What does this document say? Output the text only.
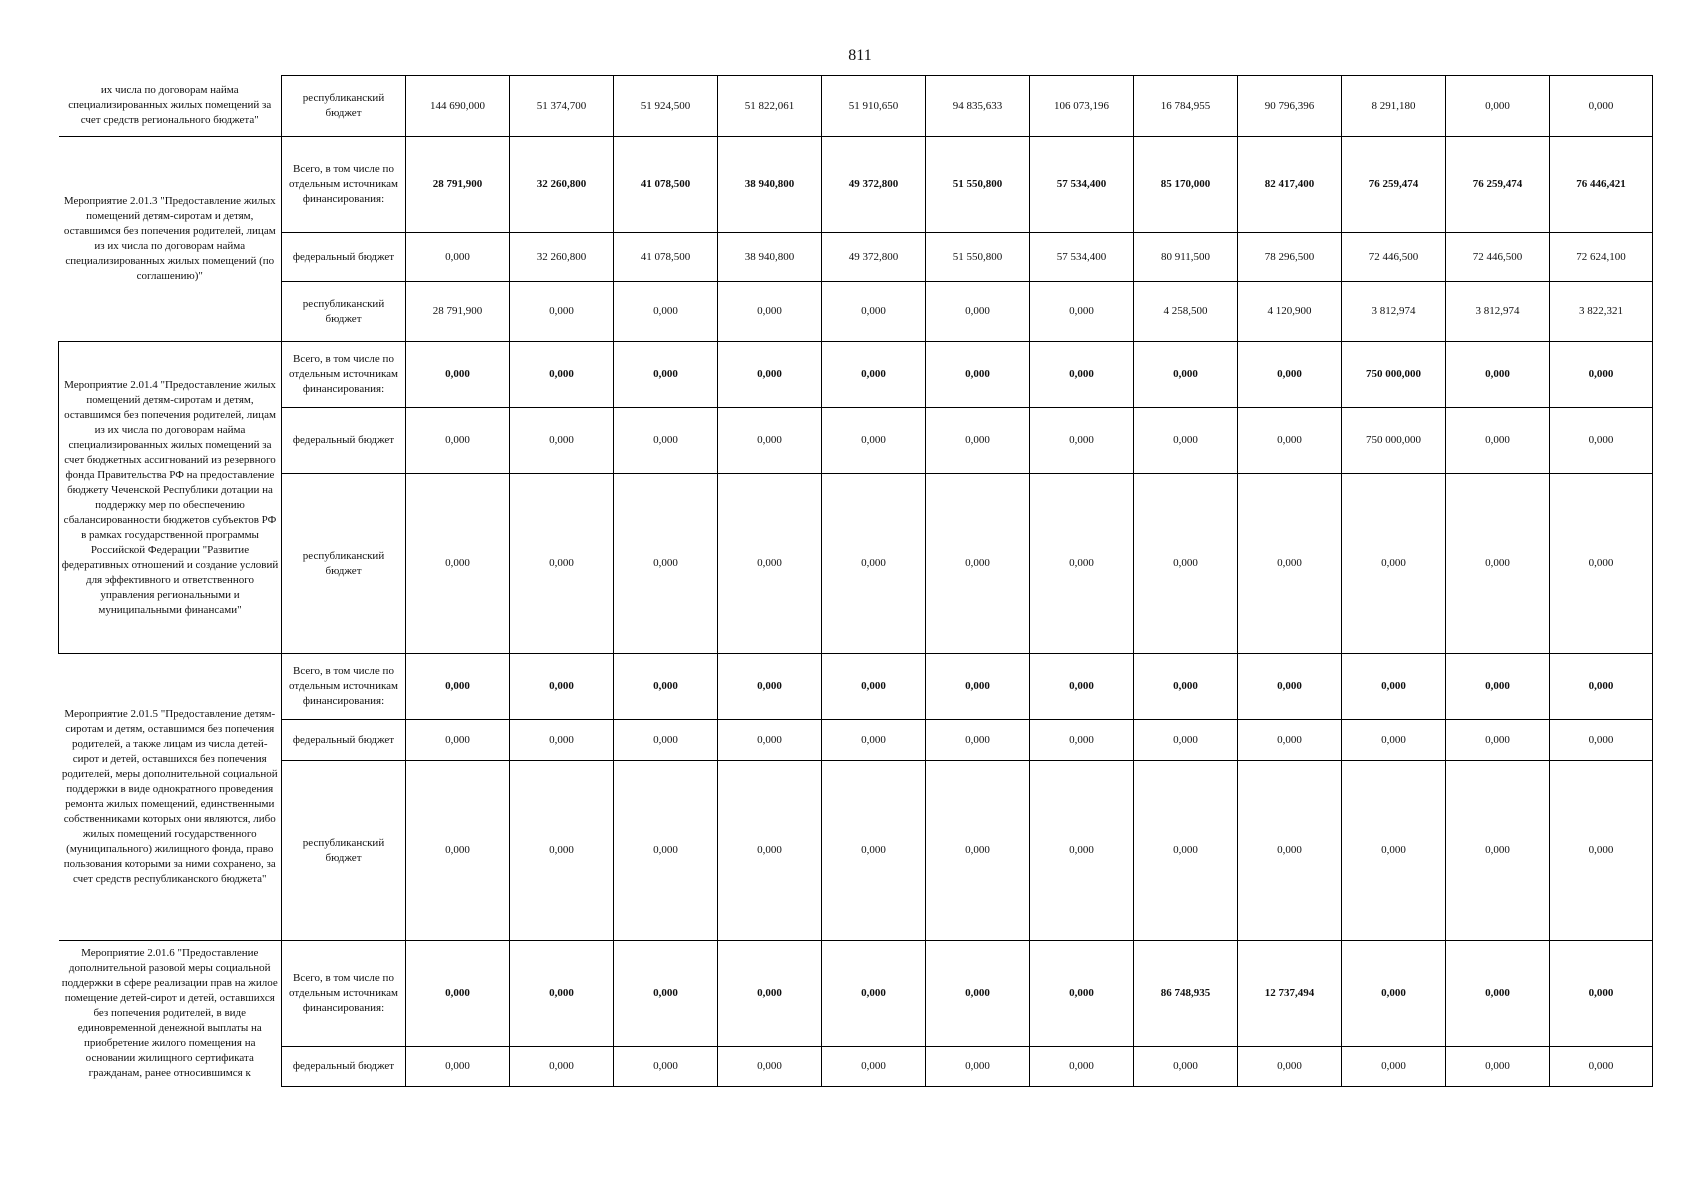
811
их числа по договорам найма специализированных жилых помещений за счет средств регионального бюджета"	республиканский бюджет	144 690,000	51 374,700	51 924,500	51 822,061	51 910,650	94 835,633	106 073,196	16 784,955	90 796,396	8 291,180	0,000	0,000

Мероприятие 2.01.3 "Предоставление жилых помещений детям-сиротам и детям, оставшимся без попечения родителей, лицам из их числа по договорам найма специализированных жилых помещений (по соглашению)"	Всего, в том числе по отдельным источникам финансирования:	28 791,900	32 260,800	41 078,500	38 940,800	49 372,800	51 550,800	57 534,400	85 170,000	82 417,400	76 259,474	76 259,474	76 446,421
	федеральный бюджет	0,000	32 260,800	41 078,500	38 940,800	49 372,800	51 550,800	57 534,400	80 911,500	78 296,500	72 446,500	72 446,500	72 624,100
	республиканский бюджет	28 791,900	0,000	0,000	0,000	0,000	0,000	0,000	4 258,500	4 120,900	3 812,974	3 812,974	3 822,321

Мероприятие 2.01.4 "Предоставление жилых помещений детям-сиротам и детям, оставшимся без попечения родителей, лицам из их числа по договорам найма специализированных жилых помещений за счет бюджетных ассигнований из резервного фонда Правительства РФ на предоставление бюджету Чеченской Республики дотации на поддержку мер по обеспечению сбалансированности бюджетов субъектов РФ в рамках государственной программы Российской Федерации "Развитие федеративных отношений и создание условий для эффективного и ответственного управления региональными и муниципальными финансами"	Всего, в том числе по отдельным источникам финансирования:	0,000	0,000	0,000	0,000	0,000	0,000	0,000	0,000	0,000	750 000,000	0,000	0,000
	федеральный бюджет	0,000	0,000	0,000	0,000	0,000	0,000	0,000	0,000	0,000	750 000,000	0,000	0,000
	республиканский бюджет	0,000	0,000	0,000	0,000	0,000	0,000	0,000	0,000	0,000	0,000	0,000	0,000

Мероприятие 2.01.5 "Предоставление детям-сиротам и детям, оставшимся без попечения родителей, а также лицам из числа детей-сирот и детей, оставшихся без попечения родителей, меры дополнительной социальной поддержки в виде однократного проведения ремонта жилых помещений, единственными собственниками которых они являются, либо жилых помещений государственного (муниципального) жилищного фонда, право пользования которыми за ними сохранено, за счет средств республиканского бюджета"	Всего, в том числе по отдельным источникам финансирования:	0,000	0,000	0,000	0,000	0,000	0,000	0,000	0,000	0,000	0,000	0,000	0,000
	федеральный бюджет	0,000	0,000	0,000	0,000	0,000	0,000	0,000	0,000	0,000	0,000	0,000	0,000
	республиканский бюджет	0,000	0,000	0,000	0,000	0,000	0,000	0,000	0,000	0,000	0,000	0,000	0,000

Мероприятие 2.01.6 "Предоставление дополнительной разовой меры социальной поддержки в сфере реализации прав на жилое помещение детей-сирот и детей, оставшихся без попечения родителей, в виде единовременной денежной выплаты на приобретение жилого помещения на основании жилищного сертификата гражданам, ранее относившимся к	Всего, в том числе по отдельным источникам финансирования:	0,000	0,000	0,000	0,000	0,000	0,000	0,000	86 748,935	12 737,494	0,000	0,000	0,000
	федеральный бюджет	0,000	0,000	0,000	0,000	0,000	0,000	0,000	0,000	0,000	0,000	0,000	0,000
